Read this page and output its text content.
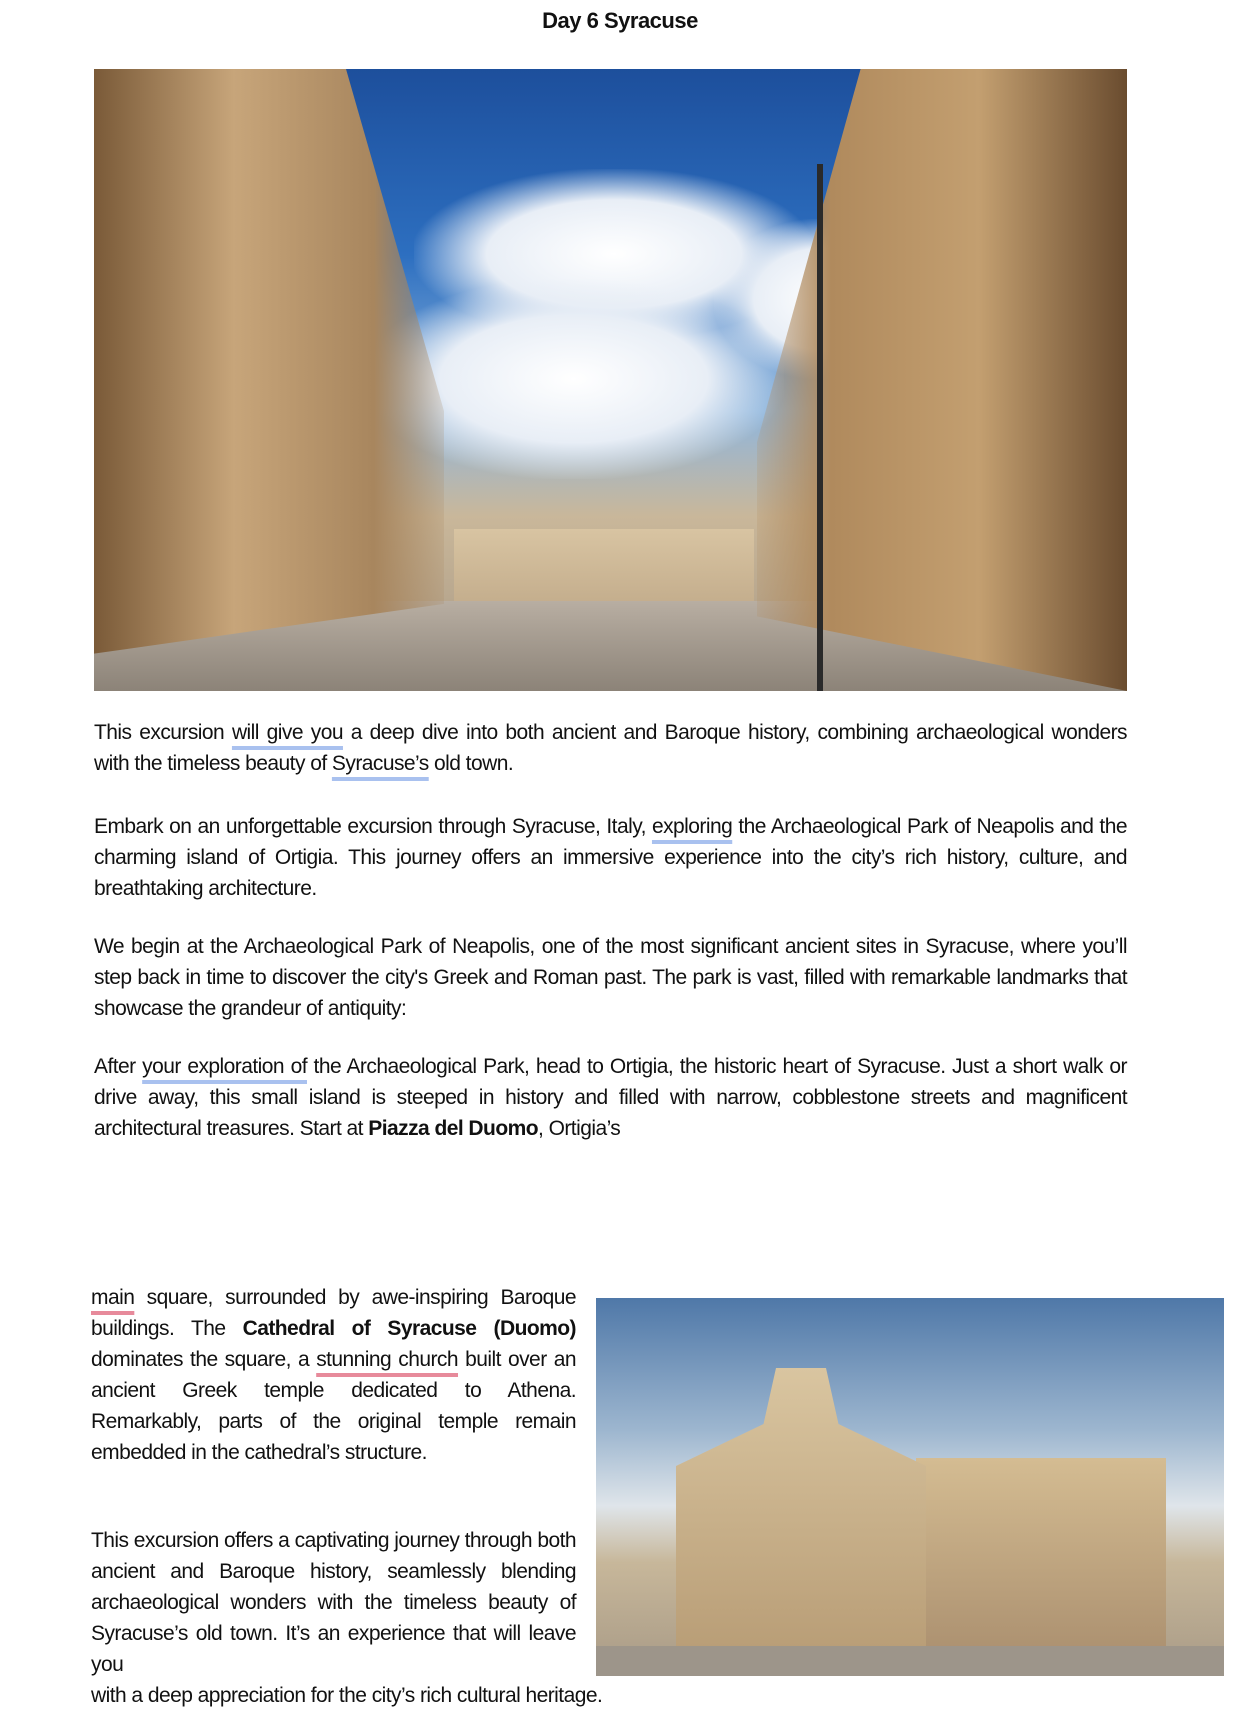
Day 6 Syracuse
This excursion will give you a deep dive into both ancient and Baroque history, combining archaeological wonders with the timeless beauty of Syracuse’s old town.
Embark on an unforgettable excursion through Syracuse, Italy, exploring the Archaeological Park of Neapolis and the charming island of Ortigia. This journey offers an immersive experience into the city’s rich history, culture, and breathtaking architecture.
We begin at the Archaeological Park of Neapolis, one of the most significant ancient sites in Syracuse, where you’ll step back in time to discover the city's Greek and Roman past. The park is vast, filled with remarkable landmarks that showcase the grandeur of antiquity:
After your exploration of the Archaeological Park, head to Ortigia, the historic heart of Syracuse. Just a short walk or drive away, this small island is steeped in history and filled with narrow, cobblestone streets and magnificent architectural treasures. Start at Piazza del Duomo, Ortigia’s
main square, surrounded by awe-inspiring Baroque buildings. The Cathedral of Syracuse (Duomo) dominates the square, a stunning church built over an ancient Greek temple dedicated to Athena. Remarkably, parts of the original temple remain embedded in the cathedral’s structure.
This excursion offers a captivating journey through both ancient and Baroque history, seamlessly blending archaeological wonders with the timeless beauty of Syracuse’s old town. It’s an experience that will leave you
with a deep appreciation for the city’s rich cultural heritage.
